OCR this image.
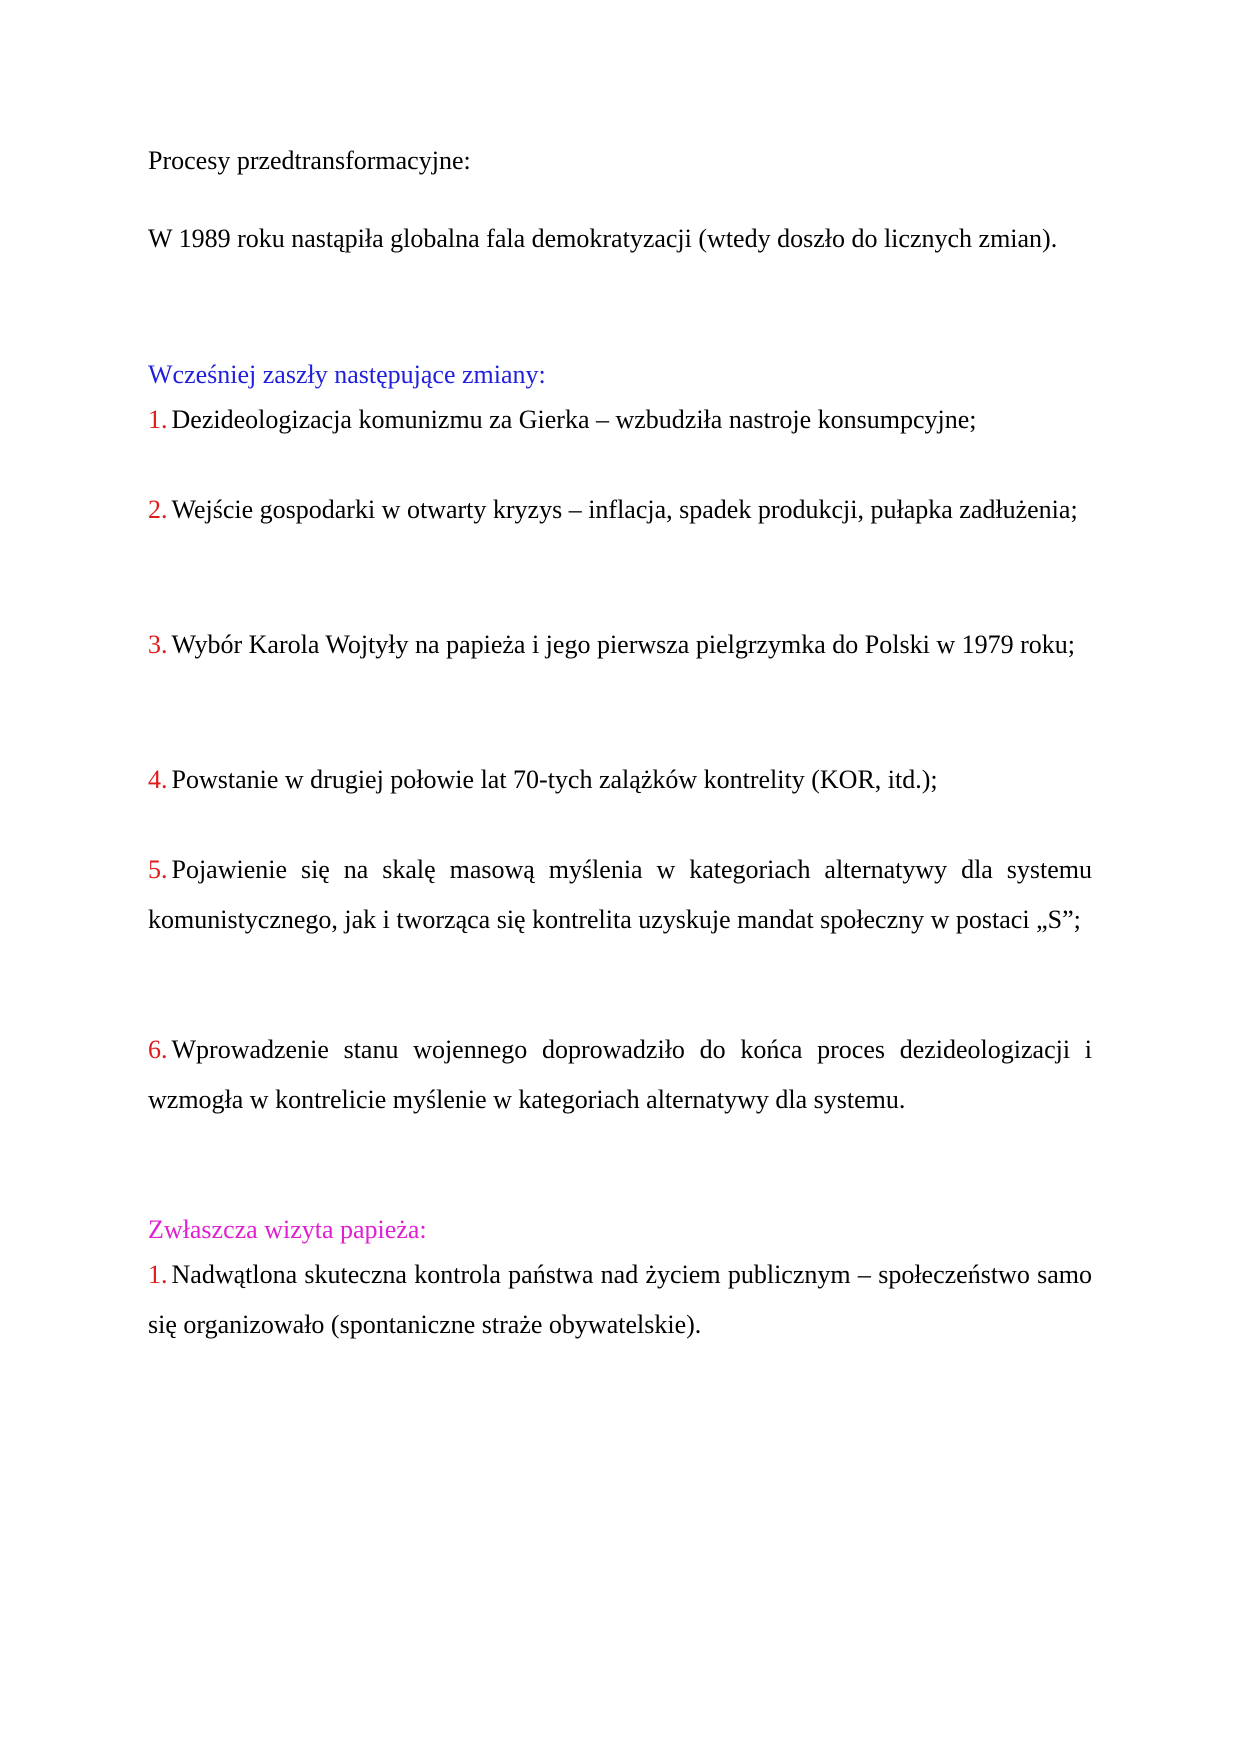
Procesy przedtransformacyjne:

W 1989 roku nastąpiła globalna fala demokratyzacji (wtedy doszło do licznych zmian).

Wcześniej zaszły następujące zmiany:

1. Dezideologizacja komunizmu za Gierka – wzbudziła nastroje konsumpcyjne;

2. Wejście gospodarki w otwarty kryzys – inflacja, spadek produkcji, pułapka zadłużenia;

3. Wybór Karola Wojtyły na papieża i jego pierwsza pielgrzymka do Polski w 1979 roku;

4. Powstanie w drugiej połowie lat 70-tych zalążków kontrelity (KOR, itd.);

5. Pojawienie się na skalę masową myślenia w kategoriach alternatywy dla systemu komunistycznego, jak i tworząca się kontrelita uzyskuje mandat społeczny w postaci „S”;

6. Wprowadzenie stanu wojennego doprowadziło do końca proces dezideologizacji i wzmogła w kontrelicie myślenie w kategoriach alternatywy dla systemu.

Zwłaszcza wizyta papieża:

1. Nadwątlona skuteczna kontrola państwa nad życiem publicznym – społeczeństwo samo się organizowało (spontaniczne straże obywatelskie).
